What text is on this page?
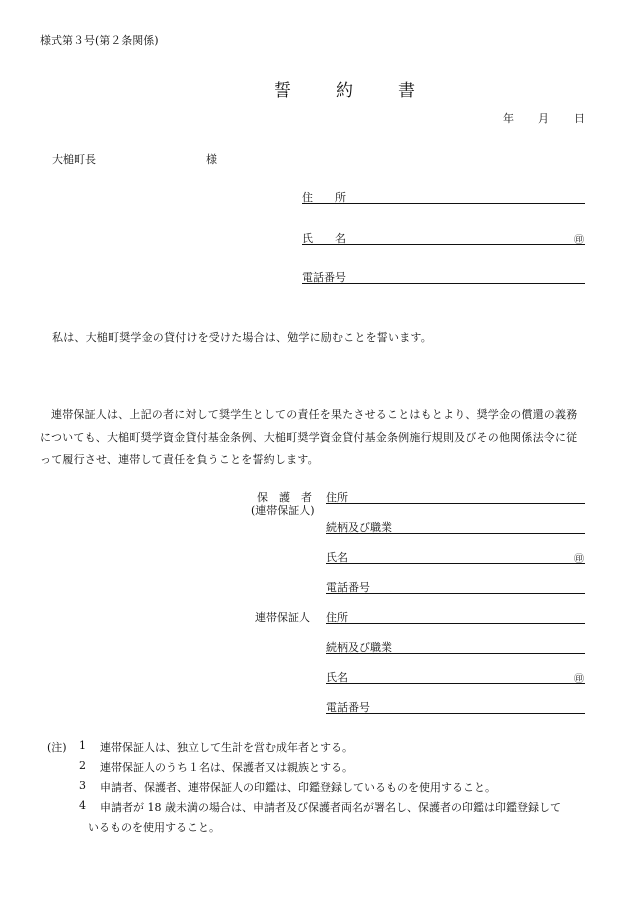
様式第３号(第２条関係)
誓　約　書
年 月 日
大槌町長	様
住　　所
氏　　名	㊞
電話番号
私は、大槌町奨学金の貸付けを受けた場合は、勉学に励むことを誓います。
連帯保証人は、上記の者に対して奨学生としての責任を果たさせることはもとより、奨学金の償還の義務についても、大槌町奨学資金貸付基金条例、大槌町奨学資金貸付基金条例施行規則及びその他関係法令に従って履行させ、連帯して責任を負うことを誓約します。
保　護　者
(連帯保証人)
住所
続柄及び職業
氏名	㊞
電話番号
連帯保証人 住所
続柄及び職業
氏名	㊞
電話番号
(注) 1 連帯保証人は、独立して生計を営む成年者とする。
2 連帯保証人のうち１名は、保護者又は親族とする。
3 申請者、保護者、連帯保証人の印鑑は、印鑑登録しているものを使用すること。
4 申請者が 18 歳未満の場合は、申請者及び保護者両名が署名し、保護者の印鑑は印鑑登録して
いるものを使用すること。
